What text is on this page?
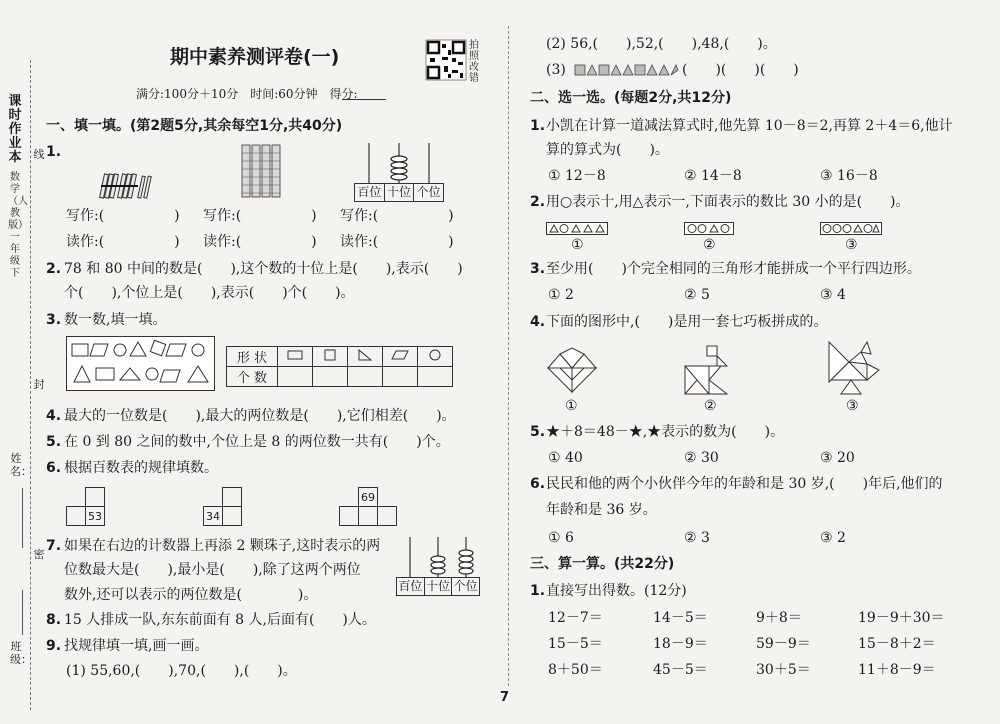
课时作业本
数学（人教版）一年级下
线
封
姓名：
密
班级：
期中素养测评卷(一)
拍照改错
满分:100分＋10分　时间:60分钟　得分:
一、填一填。(第2题5分,其余每空1分,共40分)
1.
百位 十位 个位
写作:(　　　　　) 写作:(　　　　　) 写作:(　　　　　)
读作:(　　　　　) 读作:(　　　　　) 读作:(　　　　　)
2. 78 和 80 中间的数是(　　),这个数的十位上是(　　),表示(　　)
个(　　),个位上是(　　),表示(　　)个(　　)。
3. 数一数,填一填。
形 状					
个 数					
4. 最大的一位数是(　　),最大的两位数是(　　),它们相差(　　)。
5. 在 0 到 80 之间的数中,个位上是 8 的两位数一共有(　　)个。
6. 根据百数表的规律填数。

	53
		34	
	69	

7. 如果在右边的计数器上再添 2 颗珠子,这时表示的两
位数最大是(　　),最小是(　　),除了这两个两位
数外,还可以表示的两位数是(　　　　)。
百位 十位 个位
8. 15 人排成一队,东东前面有 8 人,后面有(　　)人。
9. 找规律填一填,画一画。
(1) 55,60,(　　),70,(　　),(　　)。
(2) 56,(　　),52,(　　),48,(　　)。
(3)	(　　)(　　)(　　)
二、选一选。(每题2分,共12分)
1. 小凯在计算一道减法算式时,他先算 10－8＝2,再算 2＋4＝6,他计
算的算式为(　　)。
① 12－8	② 14－8	③ 16－8
2. 用○表示十,用△表示一,下面表示的数比 30 小的是(　　)。
①	②	③
3. 至少用(　　)个完全相同的三角形才能拼成一个平行四边形。
① 2	② 5	③ 4
4. 下面的图形中,(　　)是用一套七巧板拼成的。
①	②	③
5. ★＋8＝48－★,★表示的数为(　　)。
① 40	② 30	③ 20
6. 民民和他的两个小伙伴今年的年龄和是 30 岁,(　　)年后,他们的
年龄和是 36 岁。
① 6	② 3	③ 2
三、算一算。(共22分)
1. 直接写出得数。(12分)
12－7＝	14－5＝	9＋8＝	19－9＋30＝
15－5＝	18－9＝	59－9＝	15－8＋2＝
8＋50＝	45－5＝	30＋5＝	11＋8－9＝
7
